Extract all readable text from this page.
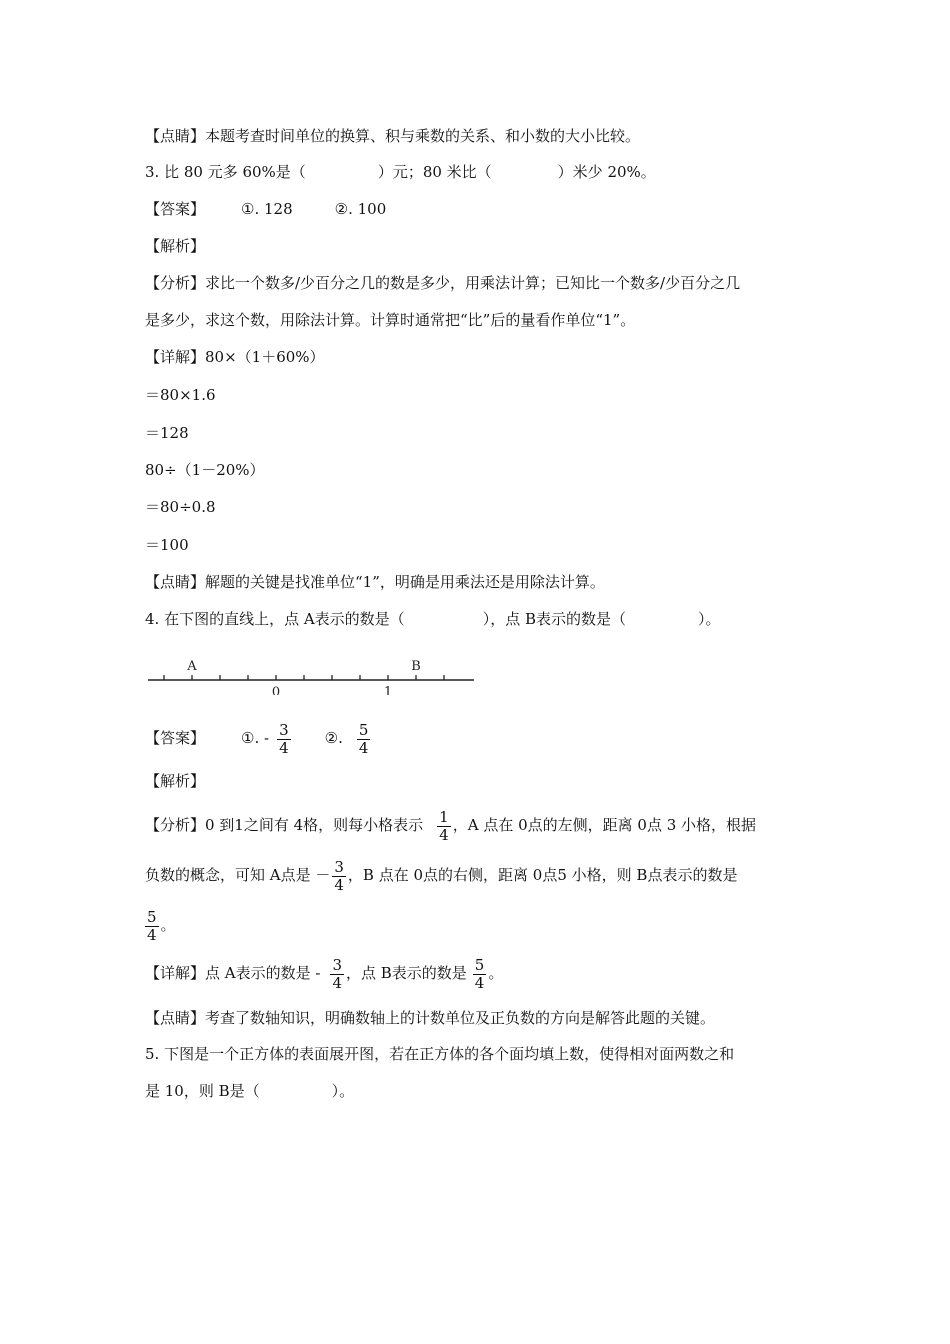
【点睛】本题考查时间单位的换算、积与乘数的关系、和小数的大小比较。
3. 比 80 元多 60%是（	）元；80 米比（	）米少 20%。
【答案】 ①. 128	②. 100
【解析】
【分析】求比一个数多/少百分之几的数是多少，用乘法计算；已知比一个数多/少百分之几
是多少，求这个数，用除法计算。计算时通常把“比”后的量看作单位“1”。
【详解】80×（1＋60%）
＝80×1.6
＝128
80÷（1－20%）
＝80÷0.8
＝100
【点睛】解题的关键是找准单位“1”，明确是用乘法还是用除法计算。
4. 在下图的直线上，点 A表示的数是（	），点 B表示的数是（	）。
A	B
0	1
【答案】 ①. - $\frac{3}{4}$ ②. $\frac{5}{4}$
【解析】
【分析】0 到1之间有 4格，则每小格表示 $\frac{1}{4}$ ，A 点在 0点的左侧，距离 0点 3 小格，根据
负数的概念，可知 A点是 － $\frac{3}{4}$ ，B 点在 0点的右侧，距离 0点5 小格，则 B点表示的数是
$\frac{5}{4}$ 。
【详解】点 A表示的数是 - $\frac{3}{4}$ ，点 B表示的数是 $\frac{5}{4}$ 。
【点睛】考查了数轴知识，明确数轴上的计数单位及正负数的方向是解答此题的关键。
5. 下图是一个正方体的表面展开图，若在正方体的各个面均填上数，使得相对面两数之和
是 10，则 B是（	）。
